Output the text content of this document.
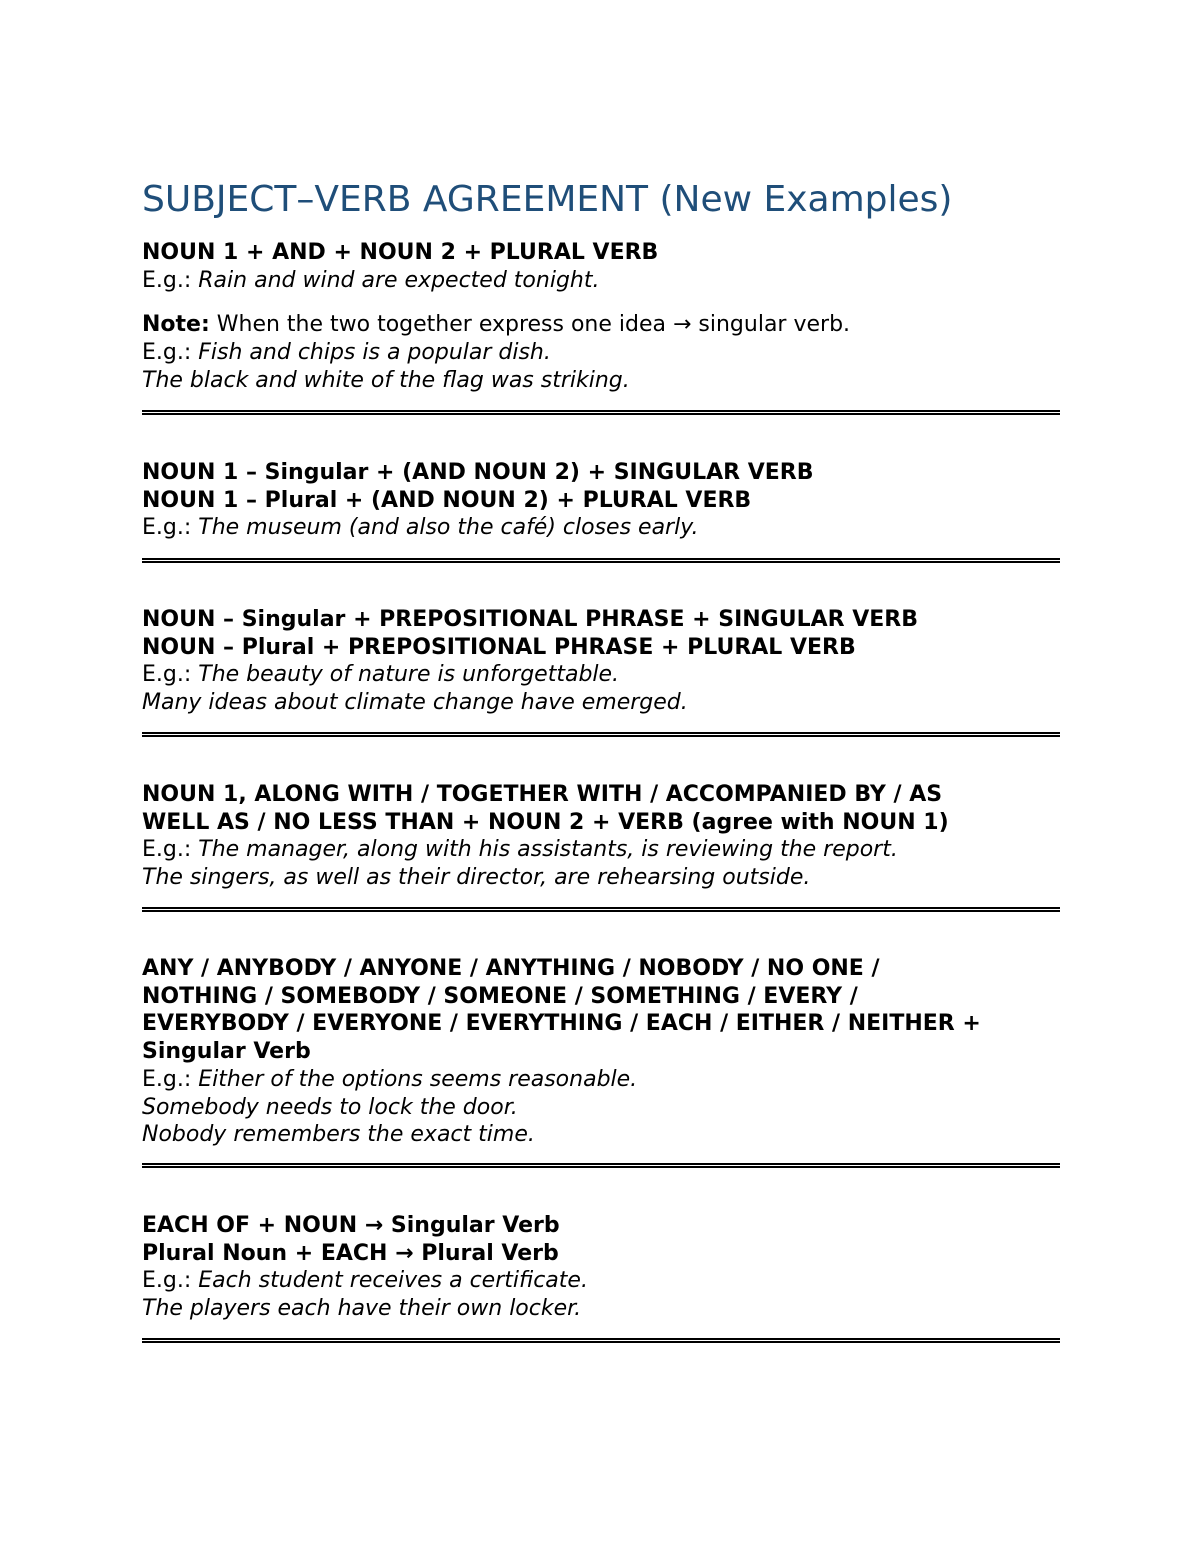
SUBJECT–VERB AGREEMENT (New Examples)
NOUN 1 + AND + NOUN 2 + PLURAL VERB
E.g.: Rain and wind are expected tonight.
Note: When the two together express one idea → singular verb.
E.g.: Fish and chips is a popular dish.
The black and white of the flag was striking.
NOUN 1 – Singular + (AND NOUN 2) + SINGULAR VERB
NOUN 1 – Plural + (AND NOUN 2) + PLURAL VERB
E.g.: The museum (and also the café) closes early.
NOUN – Singular + PREPOSITIONAL PHRASE + SINGULAR VERB
NOUN – Plural + PREPOSITIONAL PHRASE + PLURAL VERB
E.g.: The beauty of nature is unforgettable.
Many ideas about climate change have emerged.
NOUN 1, ALONG WITH / TOGETHER WITH / ACCOMPANIED BY / AS
WELL AS / NO LESS THAN + NOUN 2 + VERB (agree with NOUN 1)
E.g.: The manager, along with his assistants, is reviewing the report.
The singers, as well as their director, are rehearsing outside.
ANY / ANYBODY / ANYONE / ANYTHING / NOBODY / NO ONE /
NOTHING / SOMEBODY / SOMEONE / SOMETHING / EVERY /
EVERYBODY / EVERYONE / EVERYTHING / EACH / EITHER / NEITHER +
Singular Verb
E.g.: Either of the options seems reasonable.
Somebody needs to lock the door.
Nobody remembers the exact time.
EACH OF + NOUN → Singular Verb
Plural Noun + EACH → Plural Verb
E.g.: Each student receives a certificate.
The players each have their own locker.
